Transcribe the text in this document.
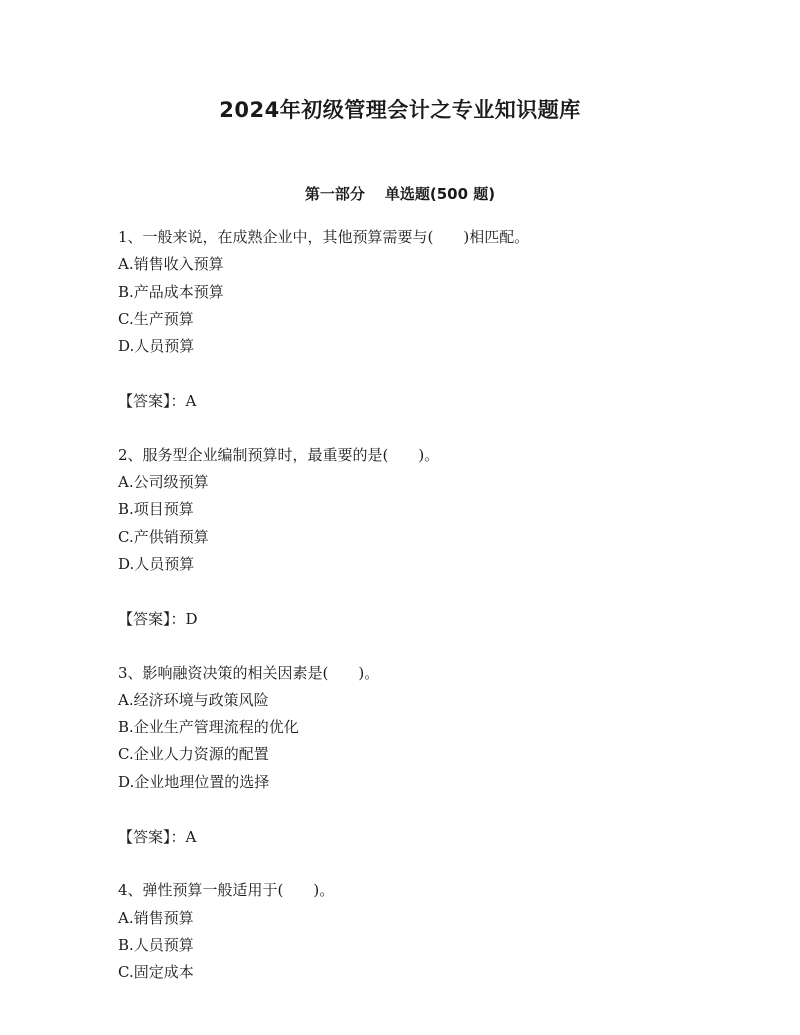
2024年初级管理会计之专业知识题库
第一部分 单选题(500 题)
1、一般来说，在成熟企业中，其他预算需要与(　　)相匹配。
A.销售收入预算
B.产品成本预算
C.生产预算
D.人员预算
【答案】：A
2、服务型企业编制预算时，最重要的是(　　)。
A.公司级预算
B.项目预算
C.产供销预算
D.人员预算
【答案】：D
3、影响融资决策的相关因素是(　　)。
A.经济环境与政策风险
B.企业生产管理流程的优化
C.企业人力资源的配置
D.企业地理位置的选择
【答案】：A
4、弹性预算一般适用于(　　)。
A.销售预算
B.人员预算
C.固定成本
